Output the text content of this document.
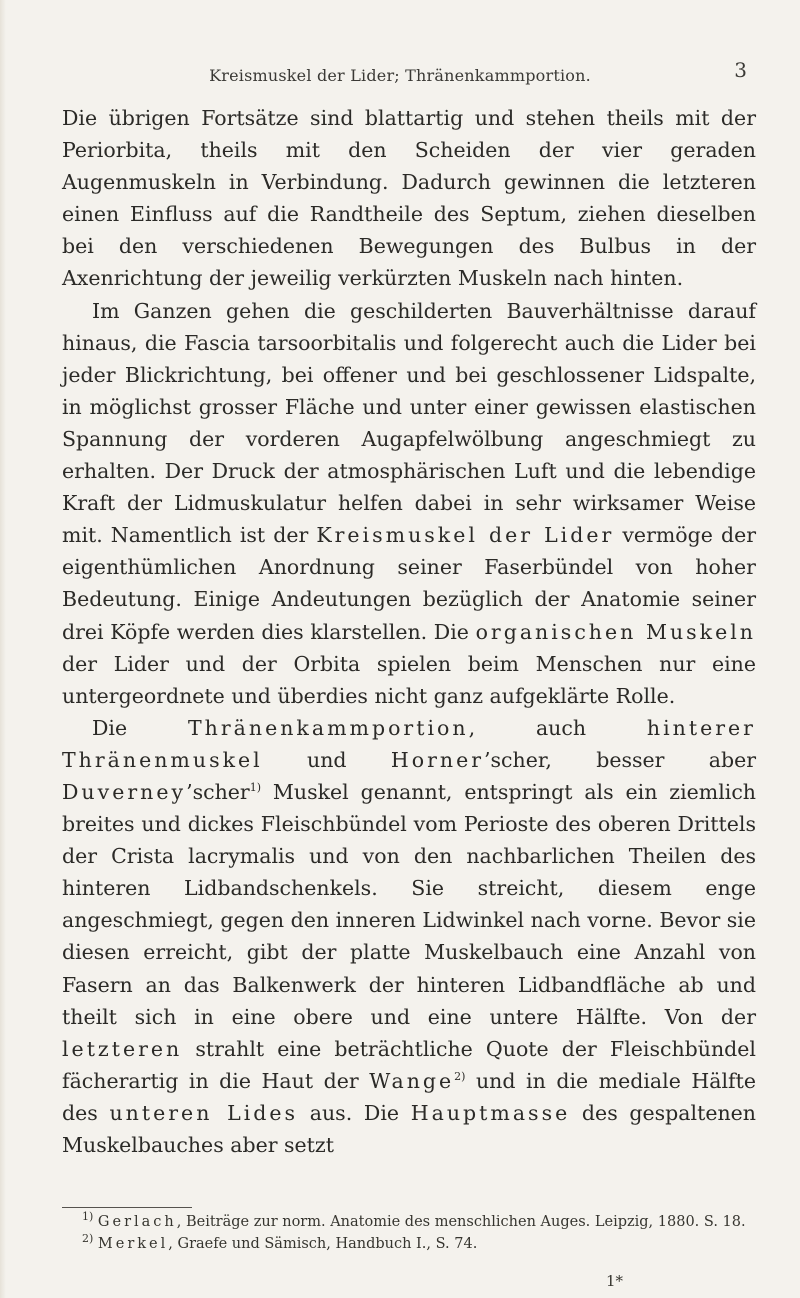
Kreismuskel der Lider; Thränenkammportion.	3

Die übrigen Fortsätze sind blattartig und stehen theils mit der Periorbita, theils mit den Scheiden der vier geraden Augenmuskeln in Verbindung. Dadurch gewinnen die letzteren einen Einfluss auf die Randtheile des Septum, ziehen dieselben bei den verschiedenen Bewegungen des Bulbus in der Axenrichtung der jeweilig verkürzten Muskeln nach hinten.

Im Ganzen gehen die geschilderten Bauverhältnisse darauf hinaus, die Fascia tarsoorbitalis und folgerecht auch die Lider bei jeder Blickrichtung, bei offener und bei geschlossener Lidspalte, in möglichst grosser Fläche und unter einer gewissen elastischen Spannung der vorderen Augapfelwölbung angeschmiegt zu erhalten. Der Druck der atmosphärischen Luft und die lebendige Kraft der Lidmuskulatur helfen dabei in sehr wirksamer Weise mit. Namentlich ist der Kreismuskel der Lider vermöge der eigenthümlichen Anordnung seiner Faserbündel von hoher Bedeutung. Einige Andeutungen bezüglich der Anatomie seiner drei Köpfe werden dies klarstellen. Die organischen Muskeln der Lider und der Orbita spielen beim Menschen nur eine untergeordnete und überdies nicht ganz aufgeklärte Rolle.

Die Thränenkammportion, auch hinterer Thränenmuskel und Horner’scher, besser aber Duverney’scher$^{1)}$ Muskel genannt, entspringt als ein ziemlich breites und dickes Fleischbündel vom Perioste des oberen Drittels der Crista lacrymalis und von den nachbarlichen Theilen des hinteren Lidbandschenkels. Sie streicht, diesem enge angeschmiegt, gegen den inneren Lidwinkel nach vorne. Bevor sie diesen erreicht, gibt der platte Muskelbauch eine Anzahl von Fasern an das Balkenwerk der hinteren Lidbandfläche ab und theilt sich in eine obere und eine untere Hälfte. Von der letzteren strahlt eine beträchtliche Quote der Fleischbündel fächerartig in die Haut der Wange$^{2)}$ und in die mediale Hälfte des unteren Lides aus. Die Hauptmasse des gespaltenen Muskelbauches aber setzt

$^{1)}$ Gerlach, Beiträge zur norm. Anatomie des menschlichen Auges. Leipzig, 1880. S. 18.
$^{2)}$ Merkel, Graefe und Sämisch, Handbuch I., S. 74.
1*
